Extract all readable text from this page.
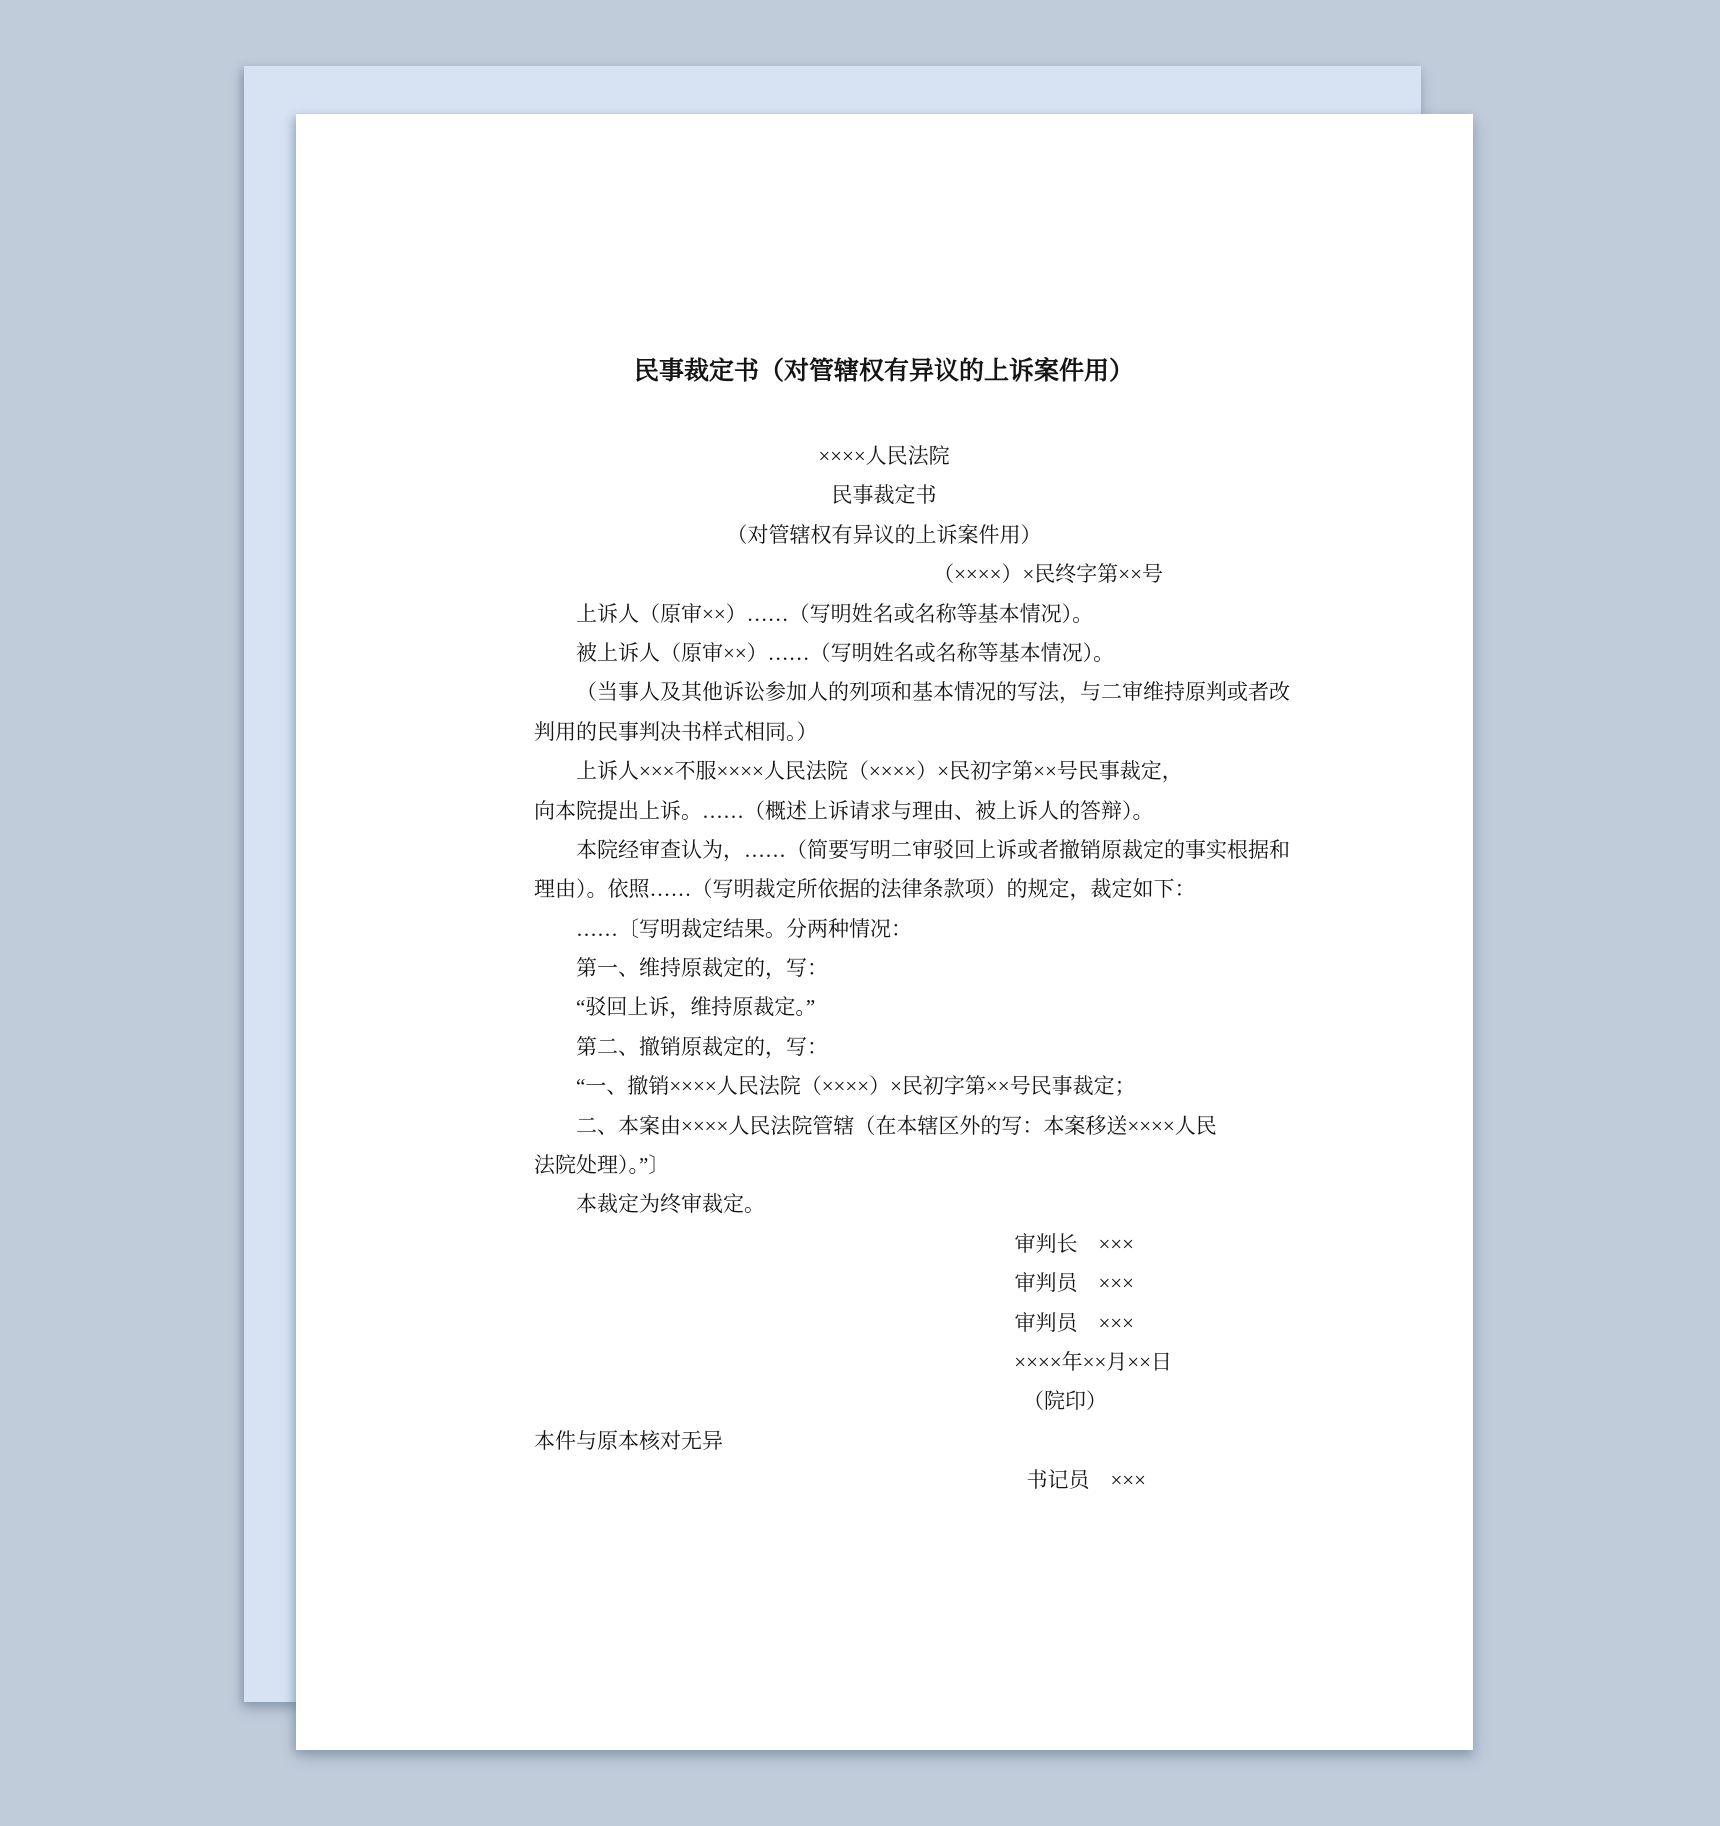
民事裁定书（对管辖权有异议的上诉案件用）
××××人民法院
民事裁定书
（对管辖权有异议的上诉案件用）
（××××）×民终字第××号
上诉人（原审××）……（写明姓名或名称等基本情况）。
被上诉人（原审××）……（写明姓名或名称等基本情况）。
（当事人及其他诉讼参加人的列项和基本情况的写法，与二审维持原判或者改
判用的民事判决书样式相同。）
上诉人×××不服××××人民法院（××××）×民初字第××号民事裁定，
向本院提出上诉。……（概述上诉请求与理由、被上诉人的答辩）。
本院经审查认为，……（简要写明二审驳回上诉或者撤销原裁定的事实根据和
理由）。依照……（写明裁定所依据的法律条款项）的规定，裁定如下：
……〔写明裁定结果。分两种情况：
第一、维持原裁定的，写：
“驳回上诉，维持原裁定。”
第二、撤销原裁定的，写：
“一、撤销××××人民法院（××××）×民初字第××号民事裁定；
二、本案由××××人民法院管辖（在本辖区外的写：本案移送××××人民
法院处理）。”〕
本裁定为终审裁定。
审判长　×××
审判员　×××
审判员　×××
××××年××月××日
（院印）
本件与原本核对无异
书记员　×××
